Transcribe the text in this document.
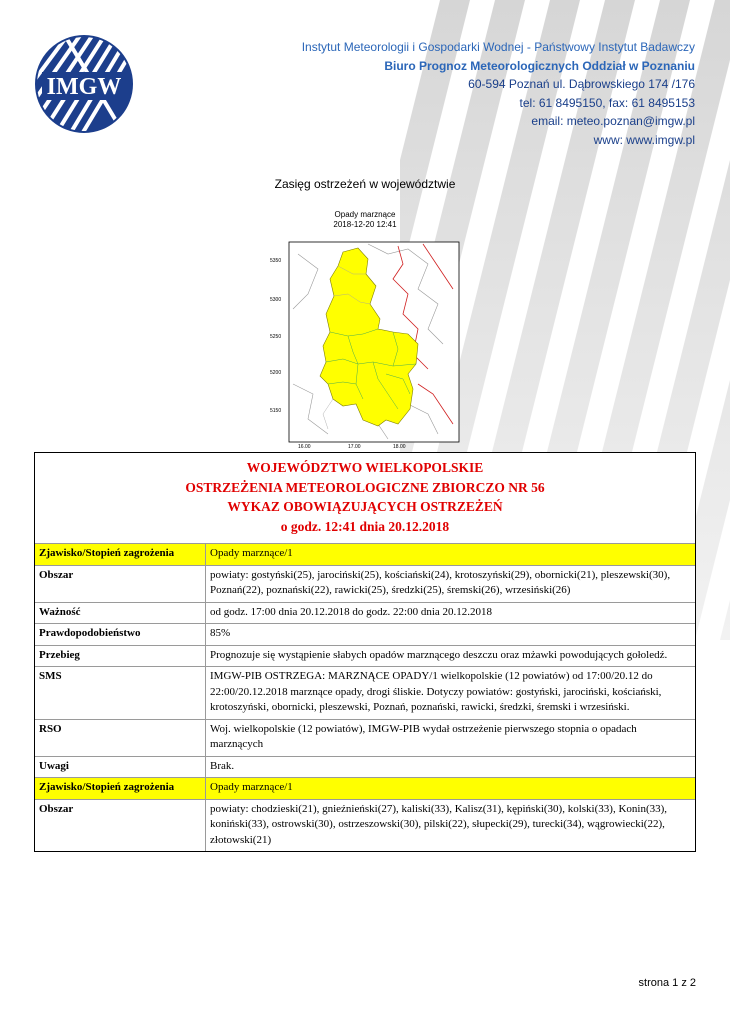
IMGW
Instytut Meteorologii i Gospodarki Wodnej - Państwowy Instytut Badawczy
Biuro Prognoz Meteorologicznych Oddział w Poznaniu
60-594 Poznań ul. Dąbrowskiego 174 /176
tel: 61 8495150, fax: 61 8495153
email: meteo.poznan@imgw.pl
www: www.imgw.pl
Zasięg ostrzeżeń w województwie
Opady marznące
2018-12-20 12:41
5350
5300
5250
5200
5150
16.00	17.00	18.00
WOJEWÓDZTWO WIELKOPOLSKIE
OSTRZEŻENIA METEOROLOGICZNE ZBIORCZO NR 56
WYKAZ OBOWIĄZUJĄCYCH OSTRZEŻEŃ
o godz. 12:41 dnia 20.12.2018
Zjawisko/Stopień zagrożenia	Opady marznące/1
Obszar	powiaty: gostyński(25), jarociński(25), kościański(24), krotoszyński(29), obornicki(21), pleszewski(30), Poznań(22), poznański(22), rawicki(25), średzki(25), śremski(26), wrzesiński(26)
Ważność	od godz. 17:00 dnia 20.12.2018 do godz. 22:00 dnia 20.12.2018
Prawdopodobieństwo	85%
Przebieg	Prognozuje się wystąpienie słabych opadów marznącego deszczu oraz mżawki powodujących gołoledź.
SMS	IMGW-PIB OSTRZEGA: MARZNĄCE OPADY/1 wielkopolskie (12 powiatów) od 17:00/20.12 do 22:00/20.12.2018 marznące opady, drogi śliskie. Dotyczy powiatów: gostyński, jarociński, kościański, krotoszyński, obornicki, pleszewski, Poznań, poznański, rawicki, średzki, śremski i wrzesiński.
RSO	Woj. wielkopolskie (12 powiatów), IMGW-PIB wydał ostrzeżenie pierwszego stopnia o opadach marznących
Uwagi	Brak.
Zjawisko/Stopień zagrożenia	Opady marznące/1
Obszar	powiaty: chodzieski(21), gnieźnieński(27), kaliski(33), Kalisz(31), kępiński(30), kolski(33), Konin(33), koniński(33), ostrowski(30), ostrzeszowski(30), pilski(22), słupecki(29), turecki(34), wągrowiecki(22), złotowski(21)
strona 1 z 2
